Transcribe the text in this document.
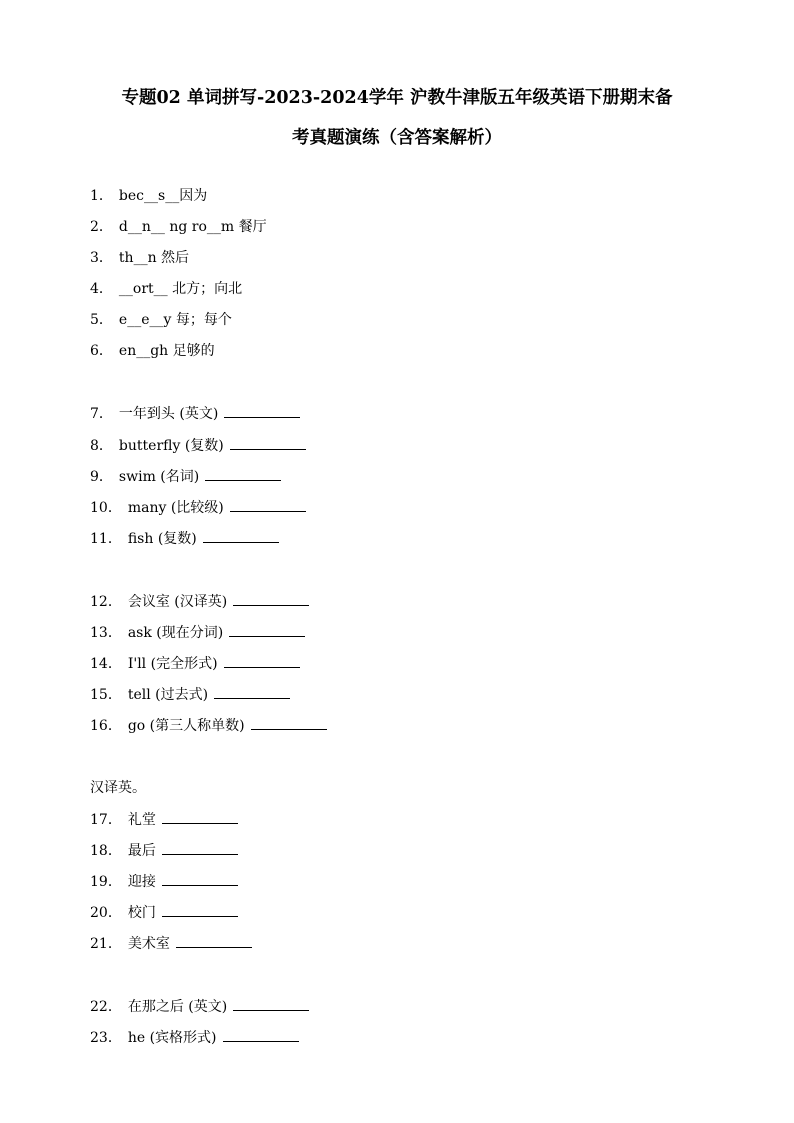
专题02 单词拼写-2023-2024学年 沪教牛津版五年级英语下册期末备
考真题演练（含答案解析）
1． bec__s__因为
2． d__n__ ng ro__m 餐厅
3． th__n 然后
4． __ort__ 北方；向北
5． e__e__y 每；每个
6． en__gh 足够的
7． 一年到头 (英文)
8． butterfly (复数)
9． swim (名词)
10． many (比较级)
11． fish (复数)
12． 会议室 (汉译英)
13． ask (现在分词)
14． I'll (完全形式)
15． tell (过去式)
16． go (第三人称单数)
汉译英。
17． 礼堂
18． 最后
19． 迎接
20． 校门
21． 美术室
22． 在那之后 (英文)
23． he (宾格形式)
